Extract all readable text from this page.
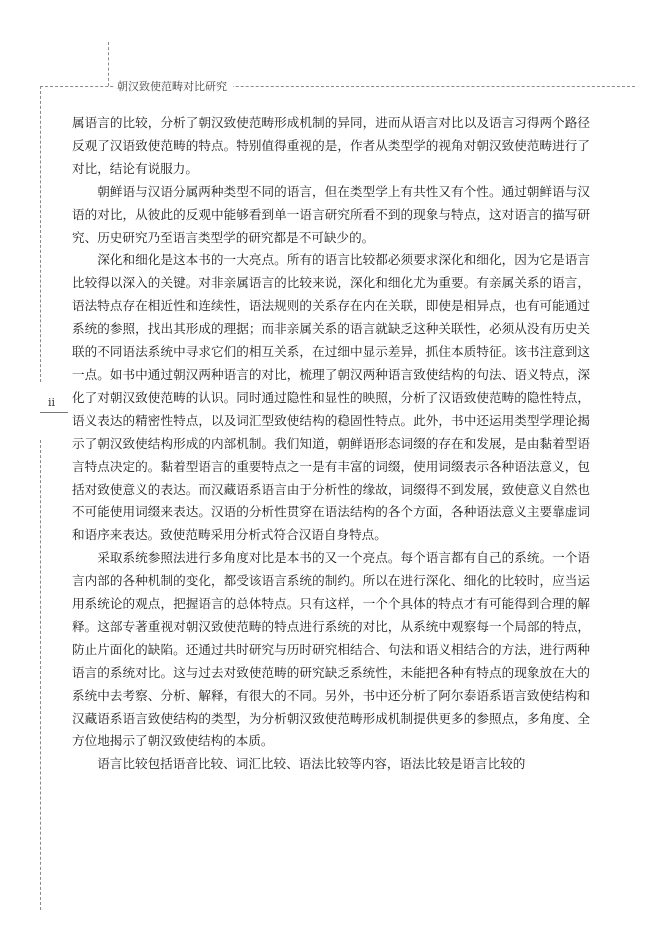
朝汉致使范畴对比研究
ii

属语言的比较，分析了朝汉致使范畴形成机制的异同，进而从语言对比以及语言习得两个路径反观了汉语致使范畴的特点。特别值得重视的是，作者从类型学的视角对朝汉致使范畴进行了对比，结论有说服力。

朝鲜语与汉语分属两种类型不同的语言，但在类型学上有共性又有个性。通过朝鲜语与汉语的对比，从彼此的反观中能够看到单一语言研究所看不到的现象与特点，这对语言的描写研究、历史研究乃至语言类型学的研究都是不可缺少的。

深化和细化是这本书的一大亮点。所有的语言比较都必须要求深化和细化，因为它是语言比较得以深入的关键。对非亲属语言的比较来说，深化和细化尤为重要。有亲属关系的语言，语法特点存在相近性和连续性，语法规则的关系存在内在关联，即使是相异点，也有可能通过系统的参照，找出其形成的理据；而非亲属关系的语言就缺乏这种关联性，必须从没有历史关联的不同语法系统中寻求它们的相互关系，在过细中显示差异，抓住本质特征。该书注意到这一点。如书中通过朝汉两种语言的对比，梳理了朝汉两种语言致使结构的句法、语义特点，深化了对朝汉致使范畴的认识。同时通过隐性和显性的映照，分析了汉语致使范畴的隐性特点，语义表达的精密性特点，以及词汇型致使结构的稳固性特点。此外，书中还运用类型学理论揭示了朝汉致使结构形成的内部机制。我们知道，朝鲜语形态词缀的存在和发展，是由黏着型语言特点决定的。黏着型语言的重要特点之一是有丰富的词缀，使用词缀表示各种语法意义，包括对致使意义的表达。而汉藏语系语言由于分析性的缘故，词缀得不到发展，致使意义自然也不可能使用词缀来表达。汉语的分析性贯穿在语法结构的各个方面，各种语法意义主要靠虚词和语序来表达。致使范畴采用分析式符合汉语自身特点。

采取系统参照法进行多角度对比是本书的又一个亮点。每个语言都有自己的系统。一个语言内部的各种机制的变化，都受该语言系统的制约。所以在进行深化、细化的比较时，应当运用系统论的观点，把握语言的总体特点。只有这样，一个个具体的特点才有可能得到合理的解释。这部专著重视对朝汉致使范畴的特点进行系统的对比，从系统中观察每一个局部的特点，防止片面化的缺陷。还通过共时研究与历时研究相结合、句法和语义相结合的方法，进行两种语言的系统对比。这与过去对致使范畴的研究缺乏系统性，未能把各种有特点的现象放在大的系统中去考察、分析、解释，有很大的不同。另外，书中还分析了阿尔泰语系语言致使结构和汉藏语系语言致使结构的类型，为分析朝汉致使范畴形成机制提供更多的参照点，多角度、全方位地揭示了朝汉致使结构的本质。

语言比较包括语音比较、词汇比较、语法比较等内容，语法比较是语言比较的
